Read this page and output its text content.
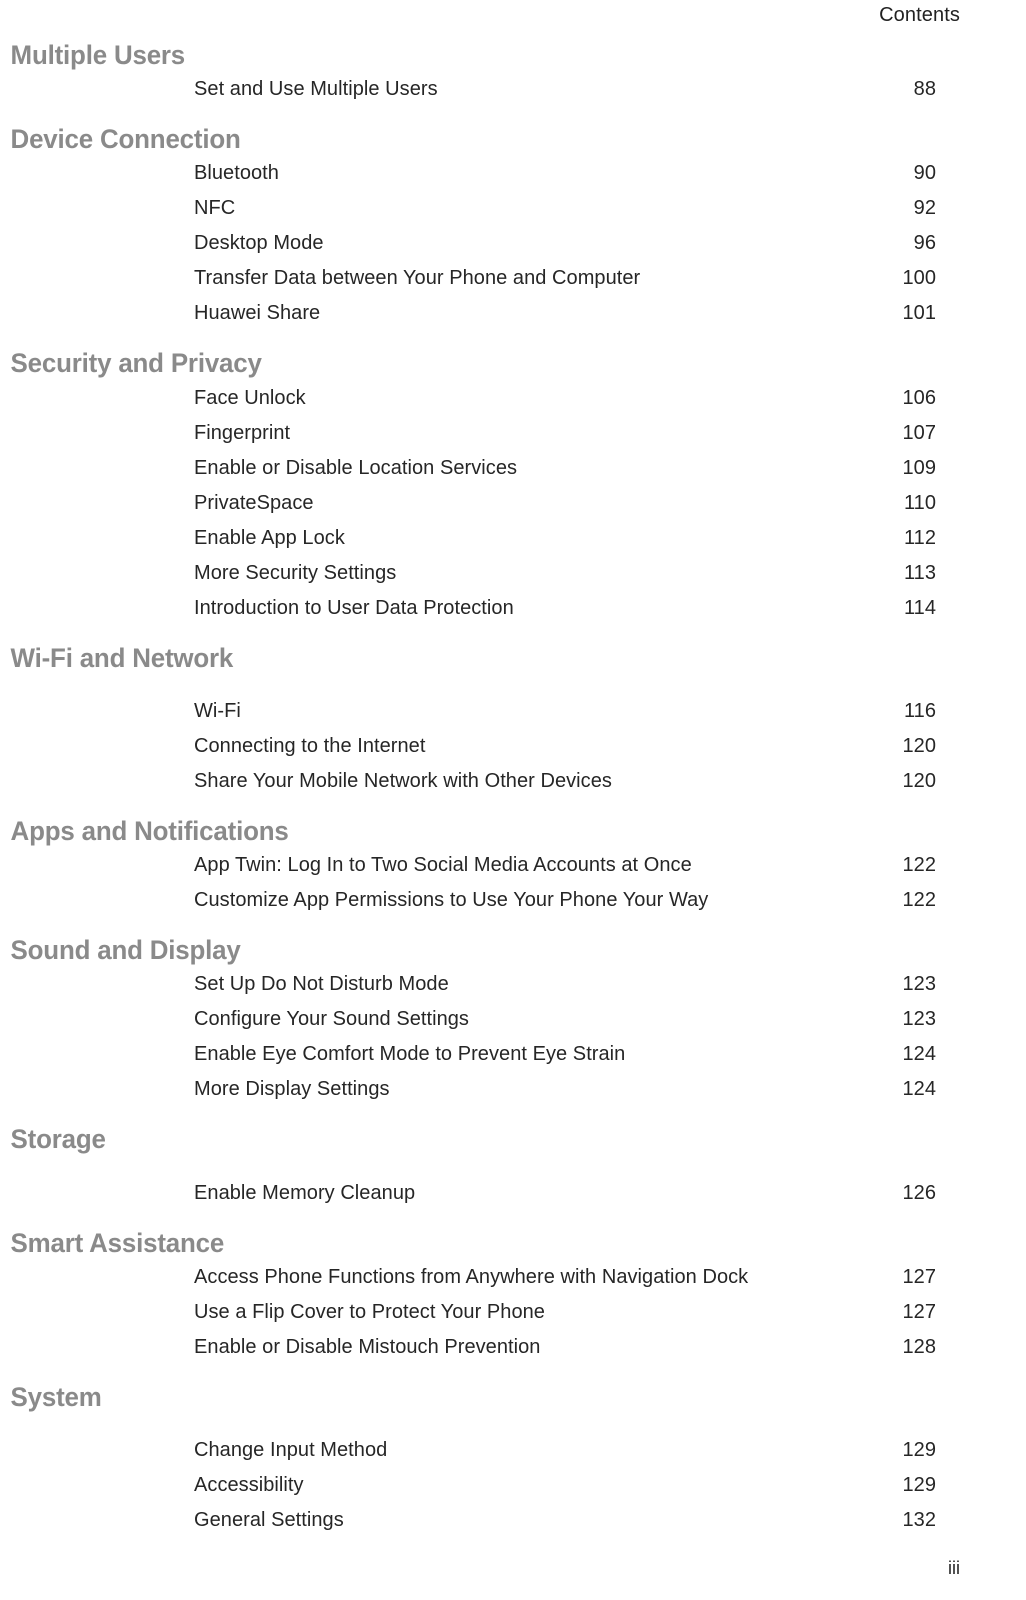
Contents
Multiple Users
Set and Use Multiple Users	88
Device Connection
Bluetooth	90
NFC	92
Desktop Mode	96
Transfer Data between Your Phone and Computer	100
Huawei Share	101
Security and Privacy
Face Unlock	106
Fingerprint	107
Enable or Disable Location Services	109
PrivateSpace	110
Enable App Lock	112
More Security Settings	113
Introduction to User Data Protection	114
Wi-Fi and Network
Wi-Fi	116
Connecting to the Internet	120
Share Your Mobile Network with Other Devices	120
Apps and Notifications
App Twin: Log In to Two Social Media Accounts at Once	122
Customize App Permissions to Use Your Phone Your Way	122
Sound and Display
Set Up Do Not Disturb Mode	123
Configure Your Sound Settings	123
Enable Eye Comfort Mode to Prevent Eye Strain	124
More Display Settings	124
Storage
Enable Memory Cleanup	126
Smart Assistance
Access Phone Functions from Anywhere with Navigation Dock	127
Use a Flip Cover to Protect Your Phone	127
Enable or Disable Mistouch Prevention	128
System
Change Input Method	129
Accessibility	129
General Settings	132
iii
